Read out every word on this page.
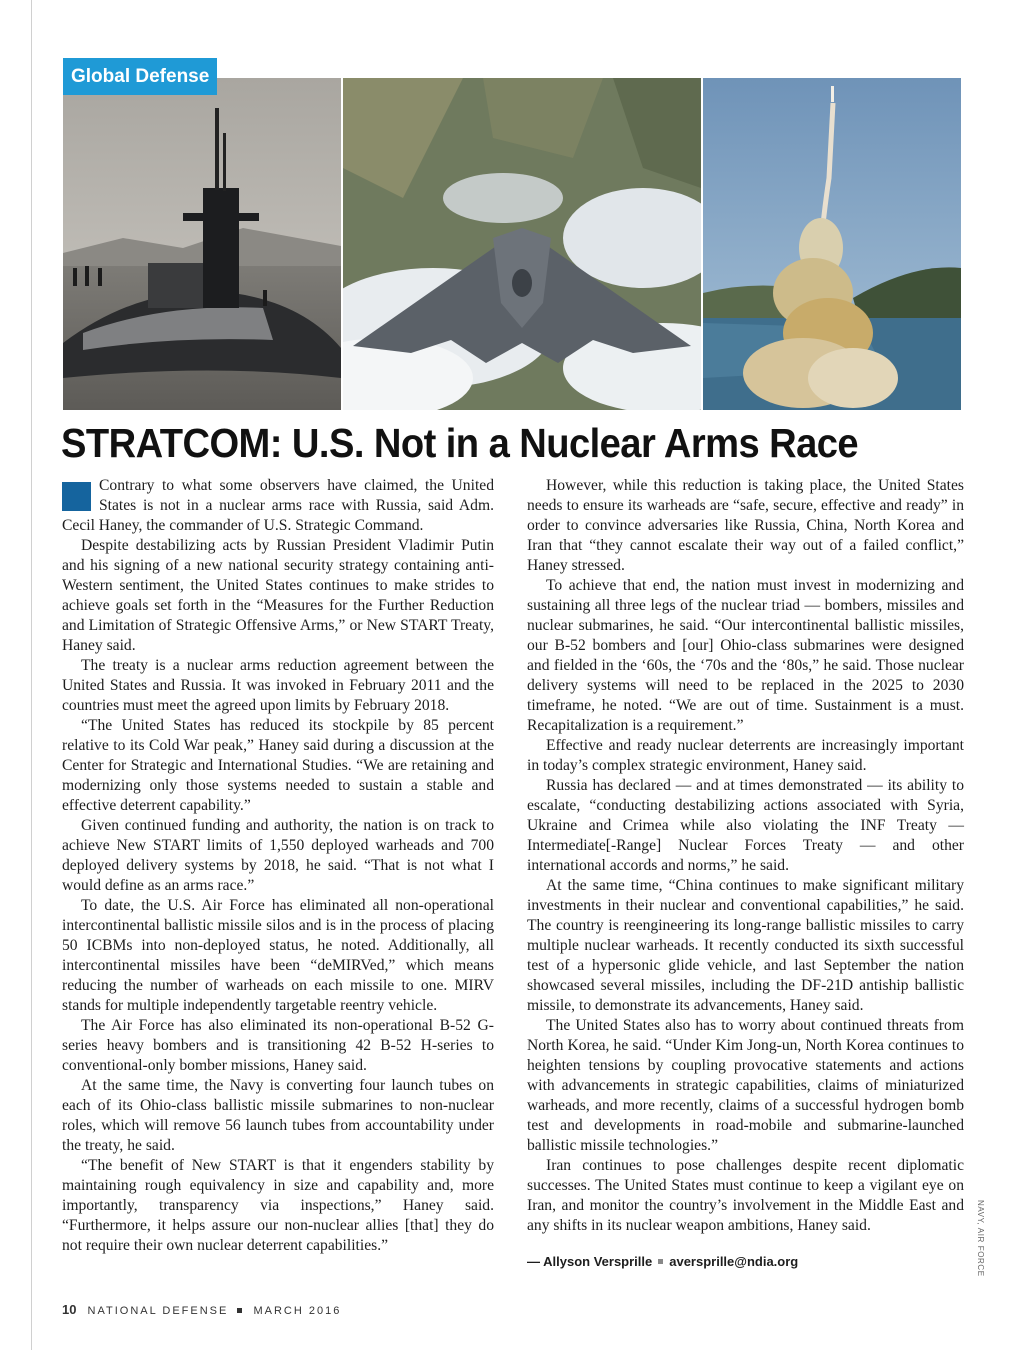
Global Defense
STRATCOM: U.S. Not in a Nuclear Arms Race

Contrary to what some observers have claimed, the United States is not in a nuclear arms race with Russia, said Adm. Cecil Haney, the commander of U.S. Strategic Command.

Despite destabilizing acts by Russian President Vladimir Putin and his signing of a new national security strategy containing anti-Western sentiment, the United States continues to make strides to achieve goals set forth in the “Measures for the Further Reduction and Limitation of Strategic Offensive Arms,” or New START Treaty, Haney said.

The treaty is a nuclear arms reduction agreement between the United States and Russia. It was invoked in February 2011 and the countries must meet the agreed upon limits by February 2018.

“The United States has reduced its stockpile by 85 percent relative to its Cold War peak,” Haney said during a discussion at the Center for Strategic and International Studies. “We are retaining and modernizing only those systems needed to sustain a stable and effective deterrent capability.”

Given continued funding and authority, the nation is on track to achieve New START limits of 1,550 deployed warheads and 700 deployed delivery systems by 2018, he said. “That is not what I would define as an arms race.”

To date, the U.S. Air Force has eliminated all non-operational intercontinental ballistic missile silos and is in the process of placing 50 ICBMs into non-deployed status, he noted. Additionally, all intercontinental missiles have been “deMIRVed,” which means reducing the number of warheads on each missile to one. MIRV stands for multiple independently targetable reentry vehicle.

The Air Force has also eliminated its non-operational B-52 G-series heavy bombers and is transitioning 42 B-52 H-series to conventional-only bomber missions, Haney said.

At the same time, the Navy is converting four launch tubes on each of its Ohio-class ballistic missile submarines to non-nuclear roles, which will remove 56 launch tubes from accountability under the treaty, he said.

“The benefit of New START is that it engenders stability by maintaining rough equivalency in size and capability and, more importantly, transparency via inspections,” Haney said. “Furthermore, it helps assure our non-nuclear allies [that] they do not require their own nuclear deterrent capabilities.”

However, while this reduction is taking place, the United States needs to ensure its warheads are “safe, secure, effective and ready” in order to convince adversaries like Russia, China, North Korea and Iran that “they cannot escalate their way out of a failed conflict,” Haney stressed.

To achieve that end, the nation must invest in modernizing and sustaining all three legs of the nuclear triad — bombers, missiles and nuclear submarines, he said. “Our intercontinental ballistic missiles, our B-52 bombers and [our] Ohio-class submarines were designed and fielded in the ‘60s, the ‘70s and the ‘80s,” he said. Those nuclear delivery systems will need to be replaced in the 2025 to 2030 timeframe, he noted. “We are out of time. Sustainment is a must. Recapitalization is a requirement.”

Effective and ready nuclear deterrents are increasingly important in today’s complex strategic environment, Haney said.

Russia has declared — and at times demonstrated — its ability to escalate, “conducting destabilizing actions associated with Syria, Ukraine and Crimea while also violating the INF Treaty — Intermediate[-Range] Nuclear Forces Treaty — and other international accords and norms,” he said.

At the same time, “China continues to make significant military investments in their nuclear and conventional capabilities,” he said. The country is reengineering its long-range ballistic missiles to carry multiple nuclear warheads. It recently conducted its sixth successful test of a hypersonic glide vehicle, and last September the nation showcased several missiles, including the DF-21D antiship ballistic missile, to demonstrate its advancements, Haney said.

The United States also has to worry about continued threats from North Korea, he said. “Under Kim Jong-un, North Korea continues to heighten tensions by coupling provocative statements and actions with advancements in strategic capabilities, claims of miniaturized warheads, and more recently, claims of a successful hydrogen bomb test and developments in road-mobile and submarine-launched ballistic missile technologies.”

Iran continues to pose challenges despite recent diplomatic successes. The United States must continue to keep a vigilant eye on Iran, and monitor the country’s involvement in the Middle East and any shifts in its nuclear weapon ambitions, Haney said.

— Allyson Versprille aversprille@ndia.org	NAVY, AIR FORCE
10 NATIONAL DEFENSE MARCH 2016
